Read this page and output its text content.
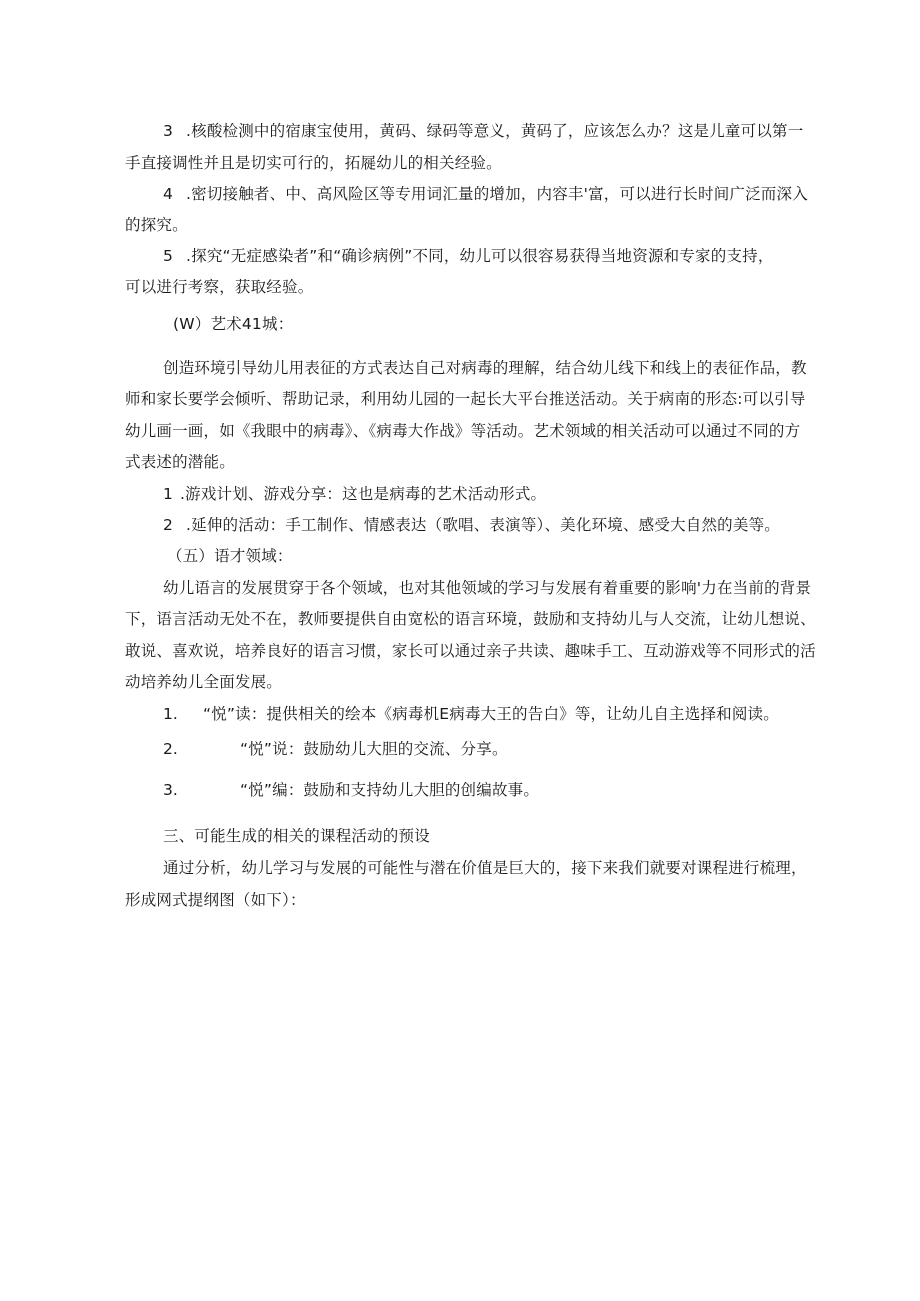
3 .核酸检测中的宿康宝使用，黄码、绿码等意义，黄码了，应该怎么办？这是儿童可以第一
手直接调性并且是切实可行的，拓屣幼儿的相关经验。
4 .密切接触者、中、高风险区等专用词汇量的增加，内容丰'富，可以进行长时间广泛而深入
的探究。
5 .探究“无症感染者”和“确诊病例”不同，幼儿可以很容易获得当地资源和专家的支持，
可以进行考察，获取经验。
(W）艺术41城：
创造环境引导幼儿用表征的方式表达自己对病毒的理解，结合幼儿线下和线上的表征作品，教
师和家长要学会倾听、帮助记录，利用幼儿园的一起长大平台推送活动。关于病南的形态:可以引导
幼儿画一画，如《我眼中的病毒》、《病毒大作战》等活动。艺术领域的相关活动可以通过不同的方
式表述的潜能。
1 .游戏计划、游戏分享：这也是病毒的艺术活动形式。
2 .延伸的活动：手工制作、情感表达（歌唱、表演等）、美化环境、感受大自然的美等。
（五）语才领域：
幼儿语言的发展贯穿于各个领域，也对其他领域的学习与发展有着重要的影响'力在当前的背景
下，语言活动无处不在，教师要提供自由宽松的语言环境，鼓励和支持幼儿与人交流，让幼儿想说、
敢说、喜欢说，培养良好的语言习惯，家长可以通过亲子共读、趣味手工、互动游戏等不同形式的活
动培养幼儿全面发展。
1. “悦”读：提供相关的绘本《病毒机E病毒大王的告白》等，让幼儿自主选择和阅读。
2.	“悦”说：鼓励幼儿大胆的交流、分享。
3.	“悦”编：鼓励和支持幼儿大胆的创编故事。
三、可能生成的相关的课程活动的预设
通过分析，幼儿学习与发展的可能性与潜在价值是巨大的，接下来我们就要对课程进行梳理，
形成网式提纲图（如下）：
